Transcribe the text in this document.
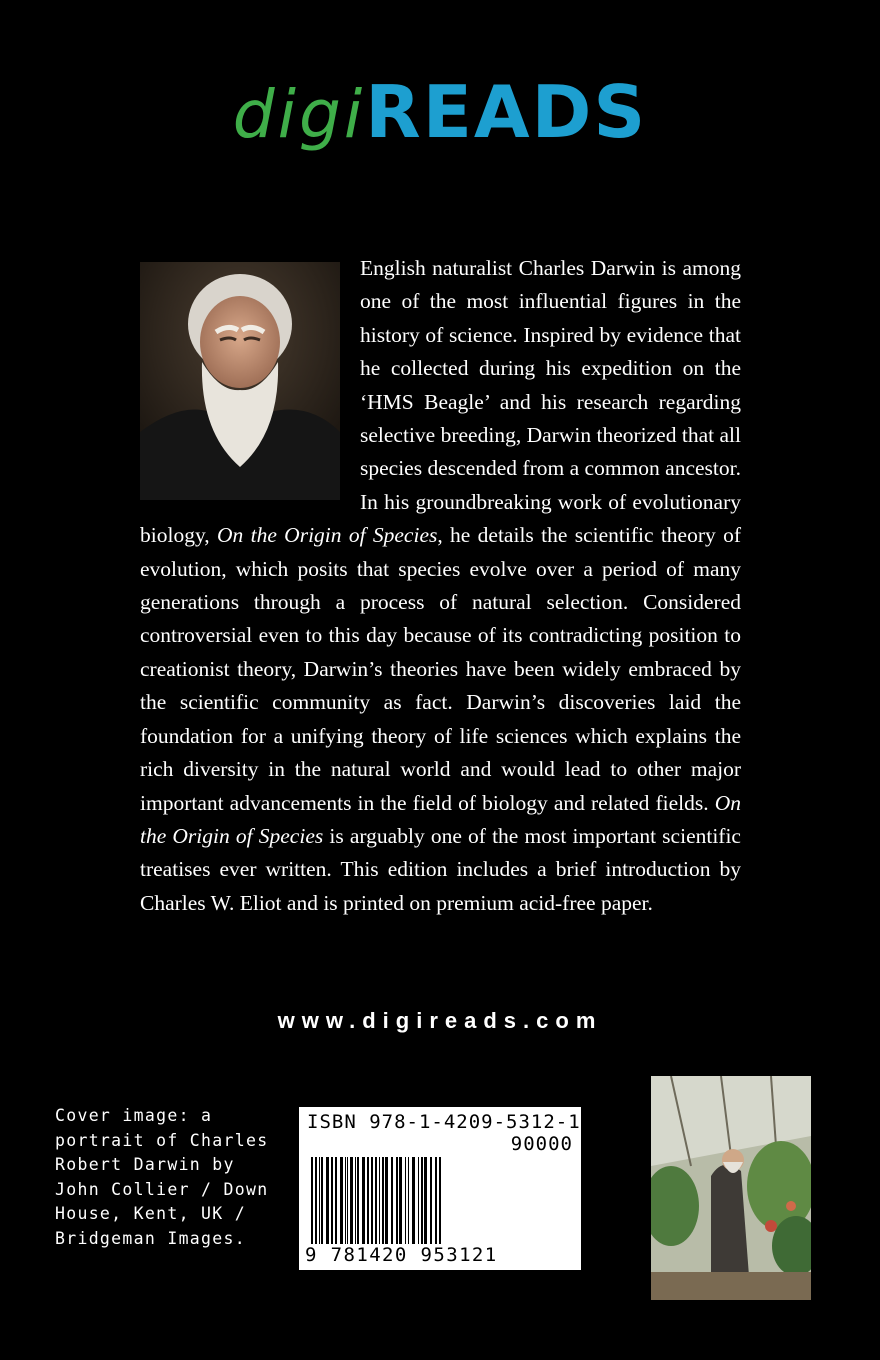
digiREADS
English naturalist Charles Darwin is among one of the most influential figures in the history of science. Inspired by evidence that he collected during his expedition on the ‘HMS Beagle’ and his research regarding selective breeding, Darwin theorized that all species descended from a common ancestor. In his groundbreaking work of evolutionary biology, On the Origin of Species, he details the scientific theory of evolution, which posits that species evolve over a period of many generations through a process of natural selection. Considered controversial even to this day because of its contradicting position to creationist theory, Darwin’s theories have been widely embraced by the scientific community as fact. Darwin’s discoveries laid the foundation for a unifying theory of life sciences which explains the rich diversity in the natural world and would lead to other major important advancements in the field of biology and related fields. On the Origin of Species is arguably one of the most important scientific treatises ever written. This edition includes a brief introduction by Charles W. Eliot and is printed on premium acid-free paper.
www.digireads.com
Cover image: a portrait of Charles Robert Darwin by John Collier / Down House, Kent, UK / Bridgeman Images.
ISBN 978-1-4209-5312-1
90000
9 781420 953121
